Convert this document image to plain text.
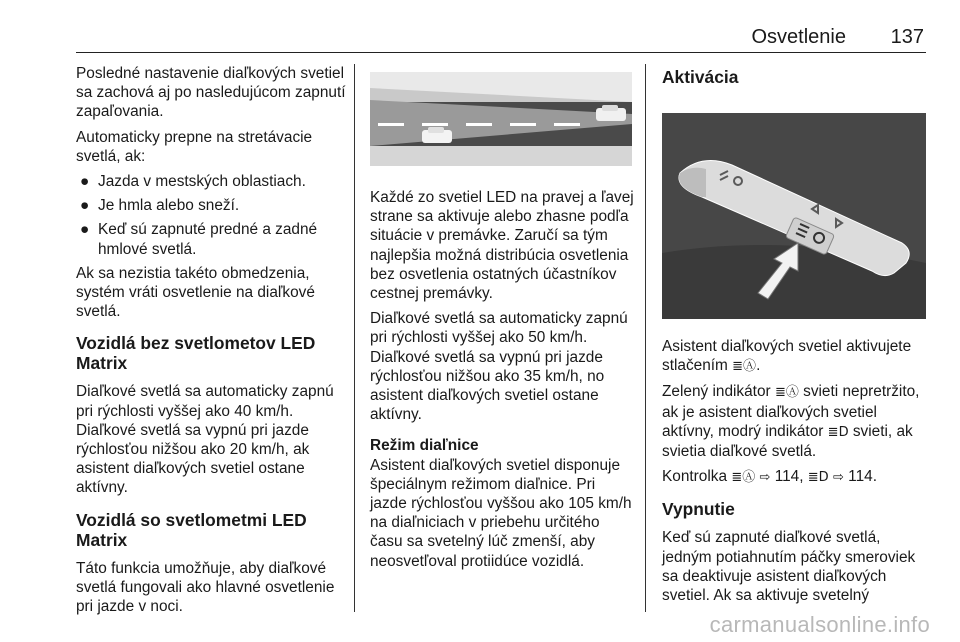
Osvetlenie 137

Posledné nastavenie diaľkových svetiel sa zachová aj po nasledujúcom zapnutí zapaľovania.

Automaticky prepne na stretávacie svetlá, ak:

● Jazda v mestských oblastiach.
● Je hmla alebo sneží.
● Keď sú zapnuté predné a zadné hmlové svetlá.

Ak sa nezistia takéto obmedzenia, systém vráti osvetlenie na diaľkové svetlá.

Vozidlá bez svetlometov LED Matrix

Diaľkové svetlá sa automaticky zapnú pri rýchlosti vyššej ako 40 km/h. Diaľkové svetlá sa vypnú pri jazde rýchlosťou nižšou ako 20 km/h, ak asistent diaľkových svetiel ostane aktívny.

Vozidlá so svetlometmi LED Matrix

Táto funkcia umožňuje, aby diaľkové svetlá fungovali ako hlavné osvetlenie pri jazde v noci.

Každé zo svetiel LED na pravej a ľavej strane sa aktivuje alebo zhasne podľa situácie v premávke. Zaručí sa tým najlepšia možná distribúcia osvetlenia bez osvetlenia ostatných účastníkov cestnej premávky.

Diaľkové svetlá sa automaticky zapnú pri rýchlosti vyššej ako 50 km/h. Diaľkové svetlá sa vypnú pri jazde rýchlosťou nižšou ako 35 km/h, no asistent diaľkových svetiel ostane aktívny.

Režim diaľnice

Asistent diaľkových svetiel disponuje špeciálnym režimom diaľnice. Pri jazde rýchlosťou vyššou ako 105 km/h na diaľniciach v priebehu určitého času sa svetelný lúč zmenší, aby neosvetľoval protiidúce vozidlá.

Aktivácia

Asistent diaľkových svetiel aktivujete stlačením ≣Ⓐ.

Zelený indikátor ≣Ⓐ svieti nepretržito, ak je asistent diaľkových svetiel aktívny, modrý indikátor ≣D svieti, ak svietia diaľkové svetlá.

Kontrolka ≣Ⓐ ⇨ 114, ≣D ⇨ 114.

Vypnutie

Keď sú zapnuté diaľkové svetlá, jedným potiahnutím páčky smeroviek sa deaktivuje asistent diaľkových svetiel. Ak sa aktivuje svetelný

carmanualsonline.info
